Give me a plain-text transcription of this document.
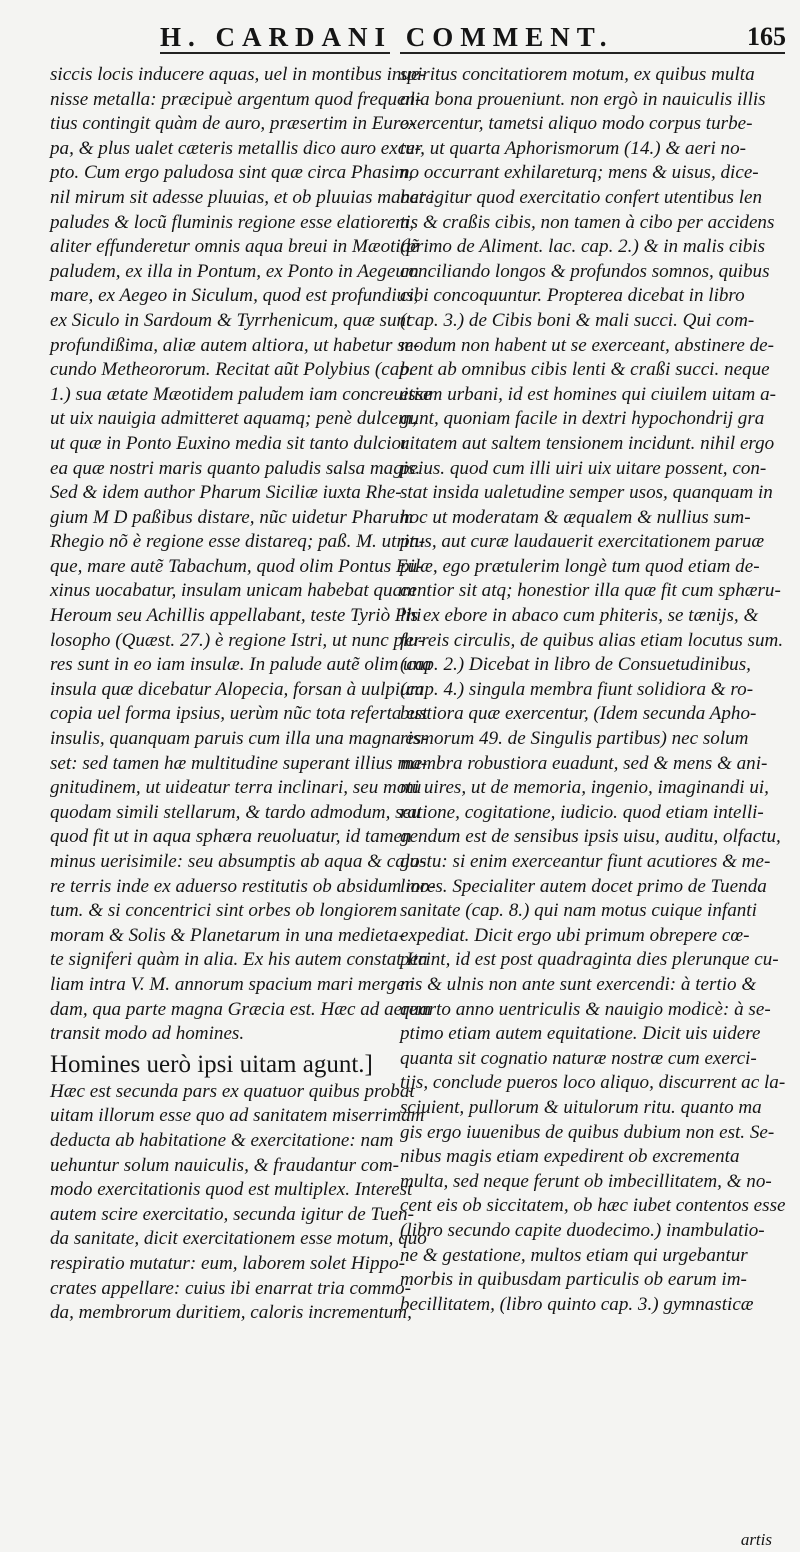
H. CARDANI COMMENT.	165
siccis locis inducere aquas, uel in montibus inue-
nisse metalla: præcipuè argentum quod frequen-
tius contingit quàm de auro, præsertim in Euro-
pa, & plus ualet cæteris metallis dico auro exce-
pto. Cum ergo paludosa sint quæ circa Phasim,
nil mirum sit adesse pluuias, et ob pluuias manere
paludes & locũ fluminis regione esse elatiorem,
aliter effunderetur omnis aqua breui in Mæotidẽ
paludem, ex illa in Pontum, ex Ponto in Aegeum
mare, ex Aegeo in Siculum, quod est profundius,
ex Siculo in Sardoum & Tyrrhenicum, quæ sunt
profundißima, aliæ autem altiora, ut habetur se-
cundo Metheororum. Recitat aũt Polybius (cap.
1.) sua ætate Mæotidem paludem iam concreuisse
ut uix nauigia admitteret aquamq; penè dulcem,
ut quæ in Ponto Euxino media sit tanto dulcior
ea quæ nostri maris quanto paludis salsa magis.
Sed & idem author Pharum Siciliæ iuxta Rhe-
gium M D paßibus distare, nũc uidetur Pharum
Rhegio nõ è regione esse distareq; paß. M. utrin-
que, mare autẽ Tabachum, quod olim Pontus Eu-
xinus uocabatur, insulam unicam habebat quam
Heroum seu Achillis appellabant, teste Tyriò Phi
losopho (Quæst. 27.) è regione Istri, ut nunc plu-
res sunt in eo iam insulæ. In palude autẽ olim una
insula quæ dicebatur Alopecia, forsan à uulpium
copia uel forma ipsius, uerùm nũc tota referta est
insulis, quanquam paruis cum illa una magna es-
set: sed tamen hæ multitudine superant illius ma-
gnitudinem, ut uideatur terra inclinari, seu motu
quodam simili stellarum, & tardo admodum, seu
quod fit ut in aqua sphæra reuoluatur, id tamen
minus uerisimile: seu absumptis ab aqua & calo-
re terris inde ex aduerso restitutis ob absidum mo-
tum. & si concentrici sint orbes ob longiorem
moram & Solis & Planetarum in una medieta-
te signiferi quàm in alia. Ex his autem constat Ita
liam intra V. M. annorum spacium mari mergen
dam, qua parte magna Græcia est. Hæc ad aerem
transit modo ad homines.
Homines uerò ipsi uitam agunt.]
Hæc est secunda pars ex quatuor quibus probat
uitam illorum esse quo ad sanitatem miserrimam
deducta ab habitatione & exercitatione: nam
uehuntur solum nauiculis, & fraudantur com-
modo exercitationis quod est multiplex. Interest
autem scire exercitatio, secunda igitur de Tuen-
da sanitate, dicit exercitationem esse motum, quo
respiratio mutatur: eum, laborem solet Hippo-
crates appellare: cuius ibi enarrat tria commo-
da, membrorum duritiem, caloris incrementum,
spiritus concitatiorem motum, ex quibus multa
alia bona proueniunt. non ergò in nauiculis illis
exercentur, tametsi aliquo modo corpus turbe-
tur, ut quarta Aphorismorum (14.) & aeri no-
no occurrant exhilareturq; mens & uisus, dice-
bat igitur quod exercitatio confert utentibus len
tis & craßis cibis, non tamen à cibo per accidens
(primo de Aliment. lac. cap. 2.) & in malis cibis
conciliando longos & profundos somnos, quibus
cibi concoquuntur. Propterea dicebat in libro
(cap. 3.) de Cibis boni & mali succi. Qui com-
modum non habent ut se exerceant, abstinere de-
bent ab omnibus cibis lenti & craßi succi. neque
etiam urbani, id est homines qui ciuilem uitam a-
gunt, quoniam facile in dextri hypochondrij gra
uitatem aut saltem tensionem incidunt. nihil ergo
peius. quod cum illi uiri uix uitare possent, con-
stat insida ualetudine semper usos, quanquam in
hoc ut moderatam & æqualem & nullius sum-
ptus, aut curæ laudauerit exercitationem paruæ
pilæ, ego prætulerim longè tum quod etiam de-
centior sit atq; honestior illa quæ fit cum sphæru-
lis ex ebore in abaco cum phiteris, se tænijs, &
ferreis circulis, de quibus alias etiam locutus sum.
(cap. 2.) Dicebat in libro de Consuetudinibus,
(cap. 4.) singula membra fiunt solidiora & ro-
bustiora quæ exercentur, (Idem secunda Apho-
rismorum 49. de Singulis partibus) nec solum
membra robustiora euadunt, sed & mens & ani-
mi uires, ut de memoria, ingenio, imaginandi ui,
ratione, cogitatione, iudicio. quod etiam intelli-
gendum est de sensibus ipsis uisu, auditu, olfactu,
gustu: si enim exerceantur fiunt acutiores & me-
liores. Specialiter autem docet primo de Tuenda
sanitate (cap. 8.) qui nam motus cuique infanti
expediat. Dicit ergo ubi primum obrepere cœ-
perint, id est post quadraginta dies plerunque cu-
nis & ulnis non ante sunt exercendi: à tertio &
quarto anno uentriculis & nauigio modicè: à se-
ptimo etiam autem equitatione. Dicit uis uidere
quanta sit cognatio naturæ nostræ cum exerci-
tijs, conclude pueros loco aliquo, discurrent ac la-
sciuient, pullorum & uitulorum ritu. quanto ma
gis ergo iuuenibus de quibus dubium non est. Se-
nibus magis etiam expedirent ob excrementa
multa, sed neque ferunt ob imbecillitatem, & no-
cent eis ob siccitatem, ob hæc iubet contentos esse
(libro secundo capite duodecimo.) inambulatio-
ne & gestatione, multos etiam qui urgebantur
morbis in quibusdam particulis ob earum im-
becillitatem, (libro quinto cap. 3.) gymnasticæ
artis
